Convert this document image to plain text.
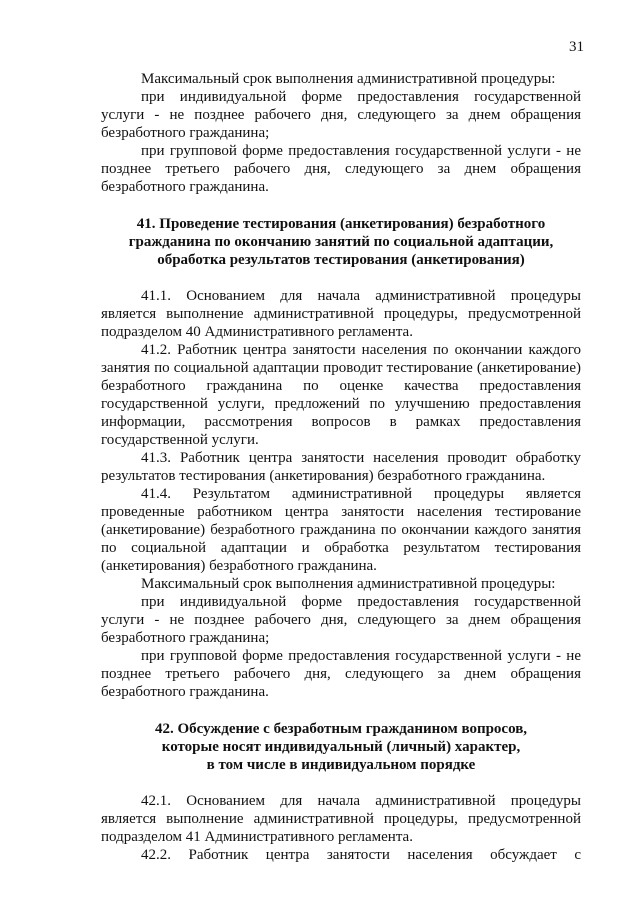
31

Максимальный срок выполнения административной процедуры:

при индивидуальной форме предоставления государственной услуги - не позднее рабочего дня, следующего за днем обращения безработного гражданина;

при групповой форме предоставления государственной услуги - не позднее третьего рабочего дня, следующего за днем обращения безработного гражданина.

41. Проведение тестирования (анкетирования) безработного
гражданина по окончанию занятий по социальной адаптации,
обработка результатов тестирования (анкетирования)

41.1. Основанием для начала административной процедуры является выполнение административной процедуры, предусмотренной подразделом 40 Административного регламента.

41.2. Работник центра занятости населения по окончании каждого занятия по социальной адаптации проводит тестирование (анкетирование) безработного гражданина по оценке качества предоставления государственной услуги, предложений по улучшению предоставления информации, рассмотрения вопросов в рамках предоставления государственной услуги.

41.3. Работник центра занятости населения проводит обработку результатов тестирования (анкетирования) безработного гражданина.

41.4. Результатом административной процедуры является проведенные работником центра занятости населения тестирование (анкетирование) безработного гражданина по окончании каждого занятия по социальной адаптации и обработка результатом тестирования (анкетирования) безработного гражданина.

Максимальный срок выполнения административной процедуры:

при индивидуальной форме предоставления государственной услуги - не позднее рабочего дня, следующего за днем обращения безработного гражданина;

при групповой форме предоставления государственной услуги - не позднее третьего рабочего дня, следующего за днем обращения безработного гражданина.

42. Обсуждение с безработным гражданином вопросов,
которые носят индивидуальный (личный) характер,
в том числе в индивидуальном порядке

42.1. Основанием для начала административной процедуры является выполнение административной процедуры, предусмотренной подразделом 41 Административного регламента.

42.2. Работник центра занятости населения обсуждает с
